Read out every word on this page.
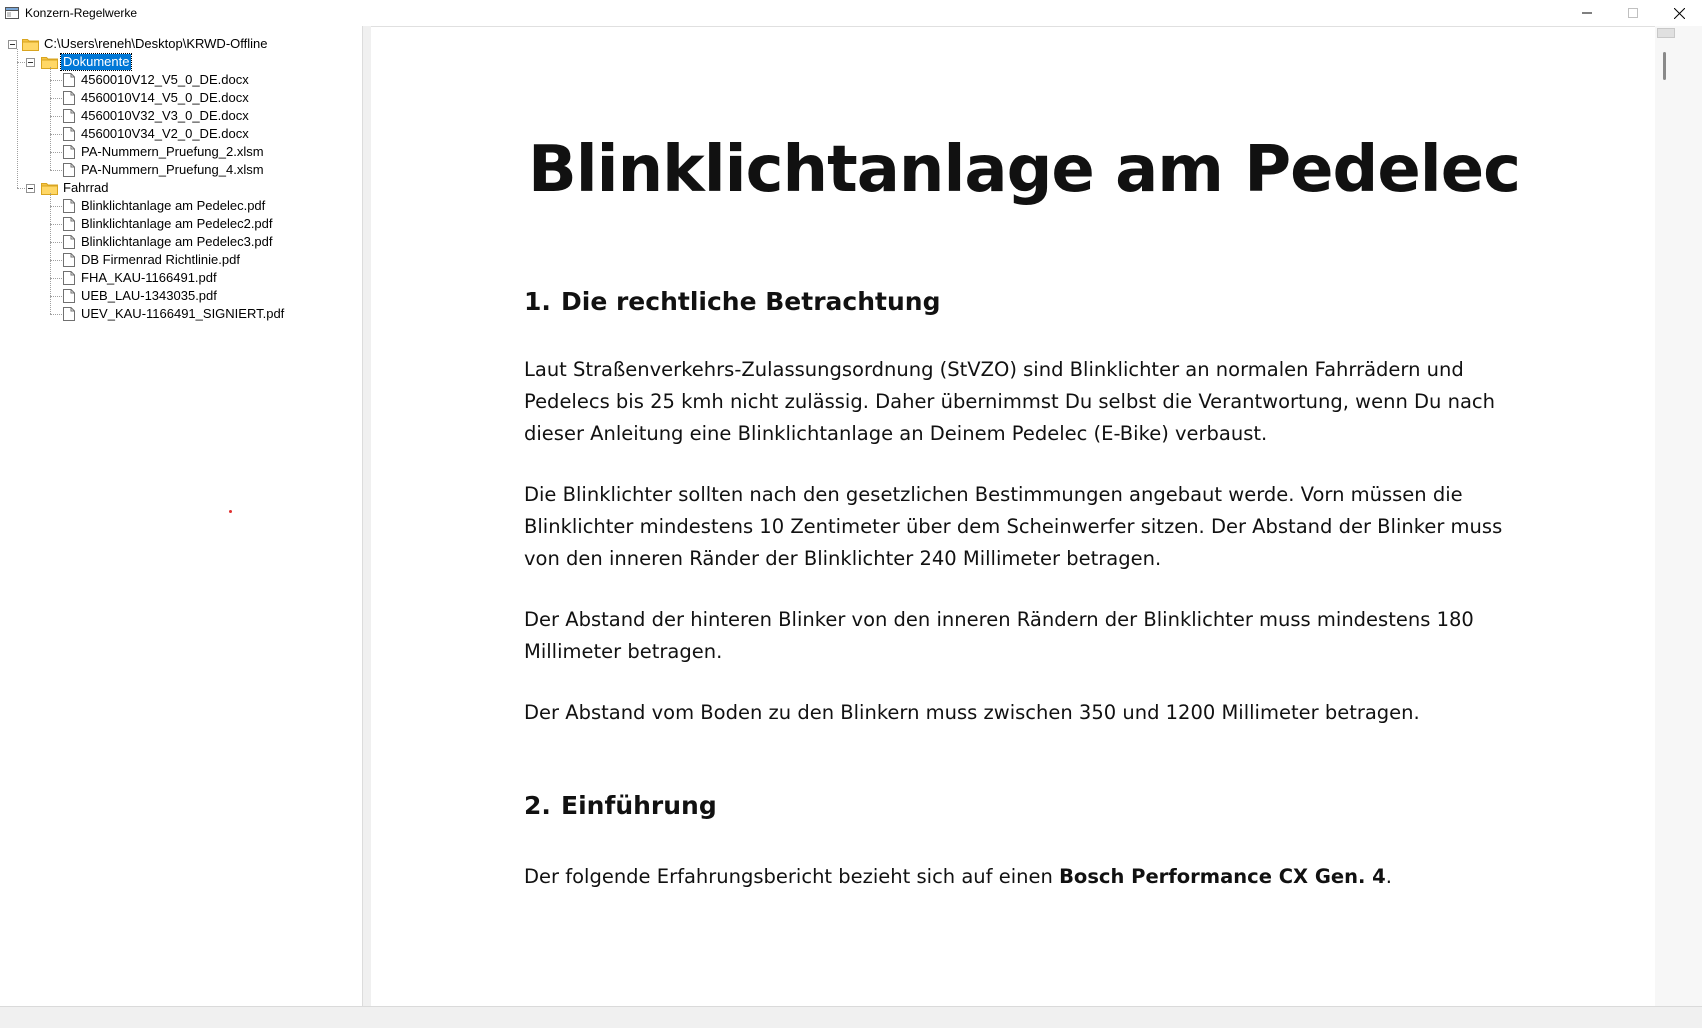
Konzern-Regelwerke
C:\Users\reneh\Desktop\KRWD-Offline
Dokumente
4560010V12_V5_0_DE.docx
4560010V14_V5_0_DE.docx
4560010V32_V3_0_DE.docx
4560010V34_V2_0_DE.docx
PA-Nummern_Pruefung_2.xlsm
PA-Nummern_Pruefung_4.xlsm
Fahrrad
Blinklichtanlage am Pedelec.pdf
Blinklichtanlage am Pedelec2.pdf
Blinklichtanlage am Pedelec3.pdf
DB Firmenrad Richtlinie.pdf
FHA_KAU-1166491.pdf
UEB_LAU-1343035.pdf
UEV_KAU-1166491_SIGNIERT.pdf
Blinklichtanlage am Pedelec
1. Die rechtliche Betrachtung
Laut Straßenverkehrs-Zulassungsordnung (StVZO) sind Blinklichter an normalen Fahrrädern und Pedelecs bis 25 kmh nicht zulässig. Daher übernimmst Du selbst die Verantwortung, wenn Du nach dieser Anleitung eine Blinklichtanlage an Deinem Pedelec (E-Bike) verbaust.
Die Blinklichter sollten nach den gesetzlichen Bestimmungen angebaut werde. Vorn müssen die Blinklichter mindestens 10 Zentimeter über dem Scheinwerfer sitzen. Der Abstand der Blinker muss von den inneren Ränder der Blinklichter 240 Millimeter betragen.
Der Abstand der hinteren Blinker von den inneren Rändern der Blinklichter muss mindestens 180 Millimeter betragen.
Der Abstand vom Boden zu den Blinkern muss zwischen 350 und 1200 Millimeter betragen.
2. Einführung
Der folgende Erfahrungsbericht bezieht sich auf einen Bosch Performance CX Gen. 4.
